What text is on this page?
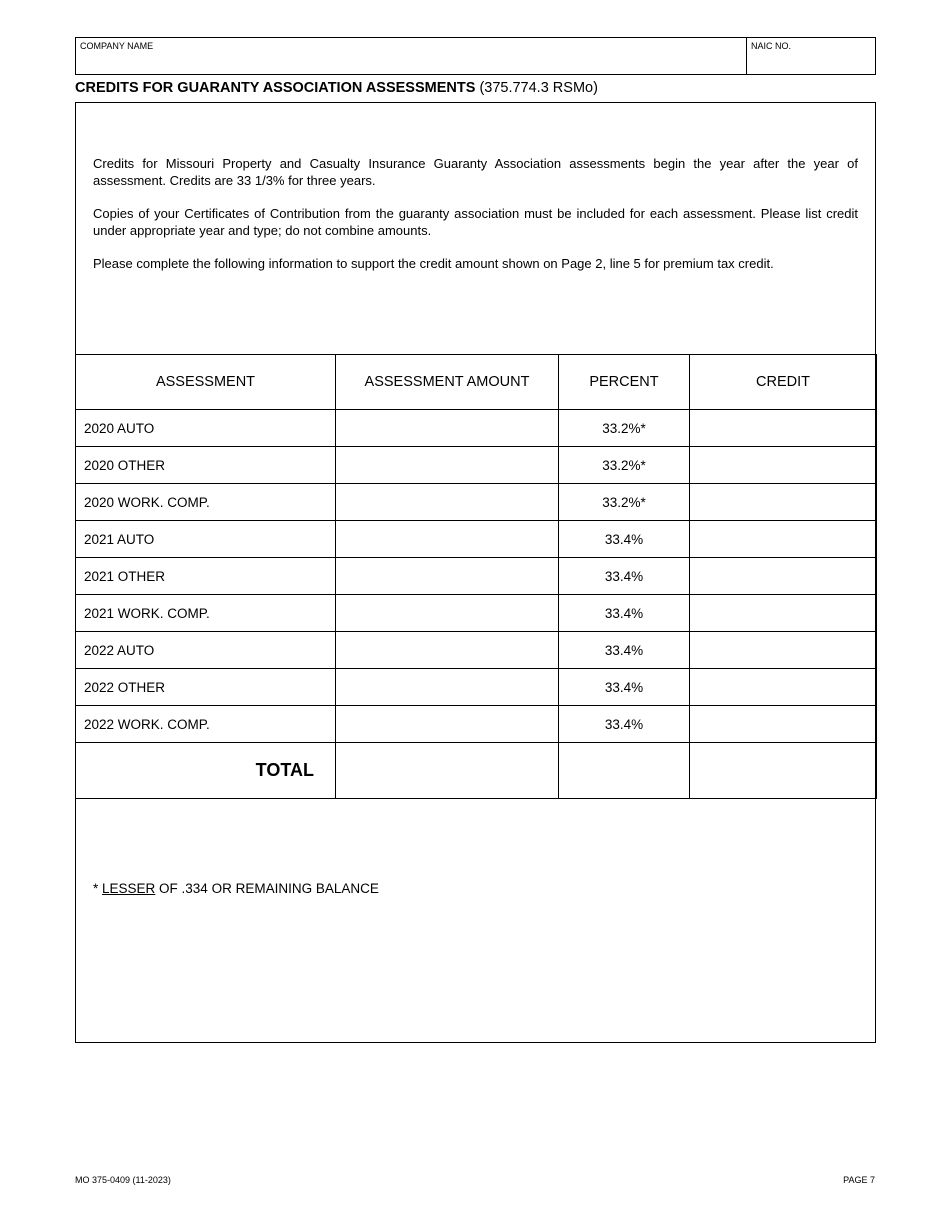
COMPANY NAME	NAIC NO.
CREDITS FOR GUARANTY ASSOCIATION ASSESSMENTS (375.774.3 RSMo)
Credits for Missouri Property and Casualty Insurance Guaranty Association assessments begin the year after the year of assessment. Credits are 33 1/3% for three years.
Copies of your Certificates of Contribution from the guaranty association must be included for each assessment. Please list credit under appropriate year and type; do not combine amounts.
Please complete the following information to support the credit amount shown on Page 2, line 5 for premium tax credit.
ASSESSMENT	ASSESSMENT AMOUNT	PERCENT	CREDIT
2020 AUTO		33.2%*	
2020 OTHER		33.2%*	
2020 WORK. COMP.		33.2%*	
2021 AUTO		33.4%	
2021 OTHER		33.4%	
2021 WORK. COMP.		33.4%	
2022 AUTO		33.4%	
2022 OTHER		33.4%	
2022 WORK. COMP.		33.4%	
TOTAL			
* LESSER OF .334 OR REMAINING BALANCE
MO 375-0409 (11-2023)	PAGE 7
